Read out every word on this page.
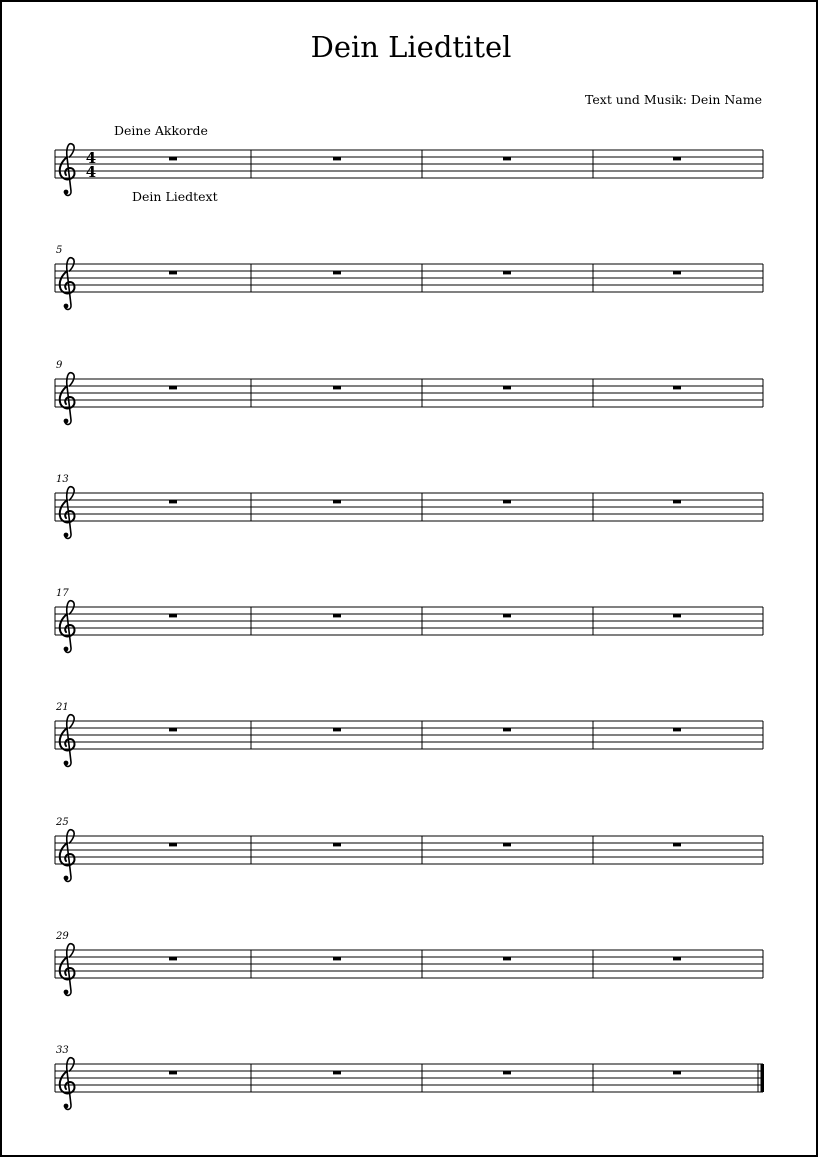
Dein Liedtitel
Text und Musik: Dein Name
Deine Akkorde
Dein Liedtext
4
4
5
9
13
17
21
25
29
33
